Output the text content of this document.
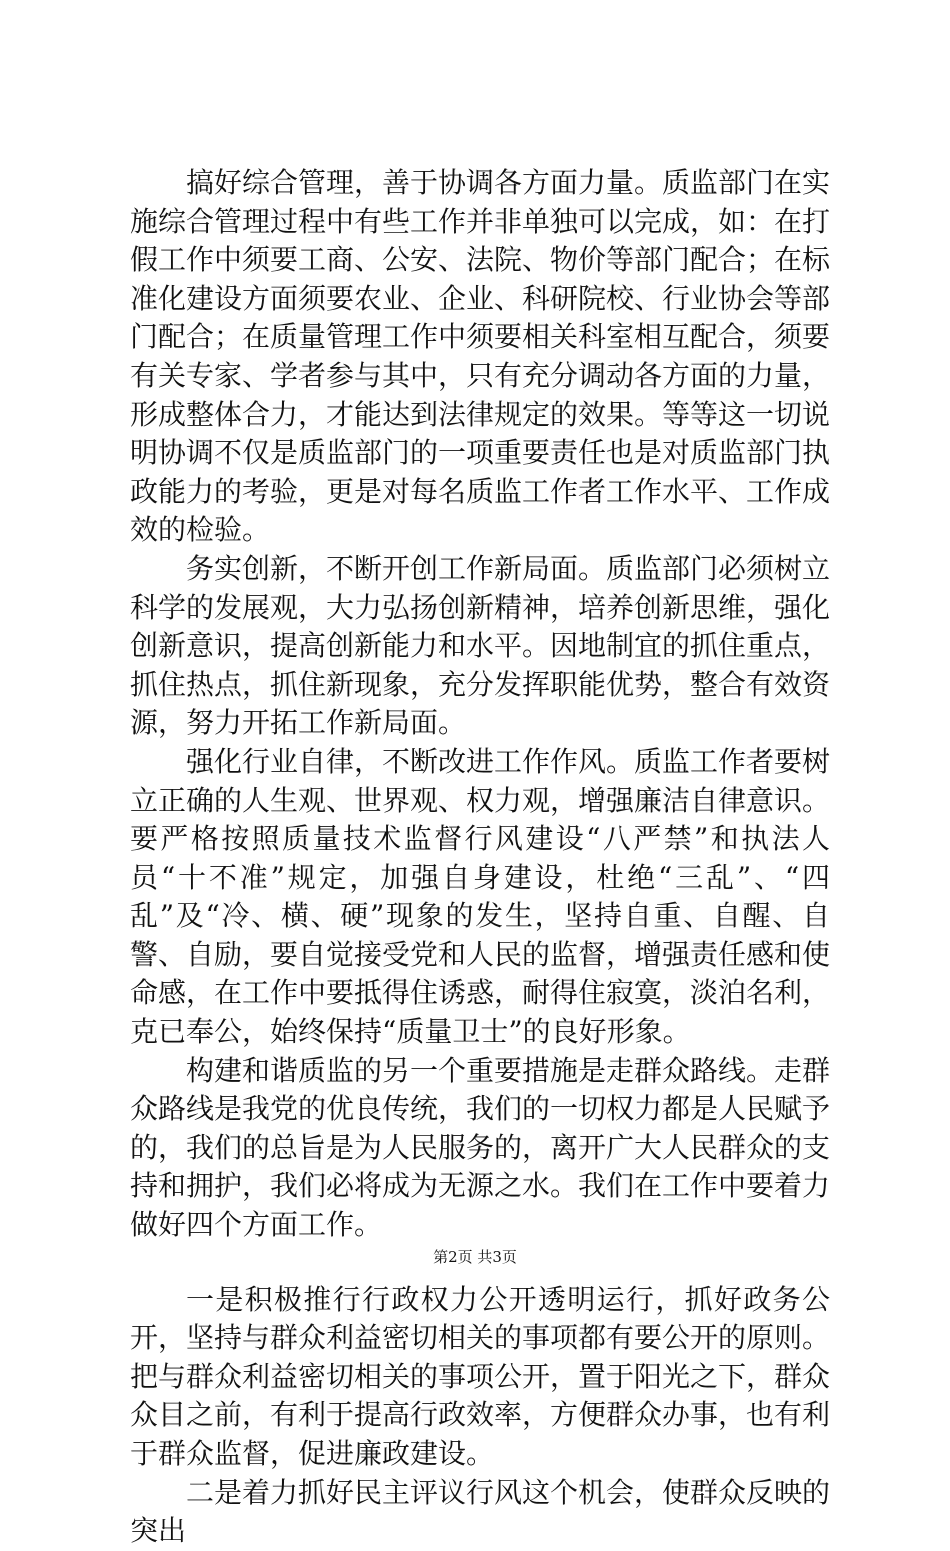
搞好综合管理，善于协调各方面力量。质监部门在实施综合管理过程中有些工作并非单独可以完成，如：在打假工作中须要工商、公安、法院、物价等部门配合；在标准化建设方面须要农业、企业、科研院校、行业协会等部门配合；在质量管理工作中须要相关科室相互配合，须要有关专家、学者参与其中，只有充分调动各方面的力量，形成整体合力，才能达到法律规定的效果。等等这一切说明协调不仅是质监部门的一项重要责任也是对质监部门执政能力的考验，更是对每名质监工作者工作水平、工作成效的检验。

务实创新，不断开创工作新局面。质监部门必须树立科学的发展观，大力弘扬创新精神，培养创新思维，强化创新意识，提高创新能力和水平。因地制宜的抓住重点，抓住热点，抓住新现象，充分发挥职能优势，整合有效资源，努力开拓工作新局面。

强化行业自律，不断改进工作作风。质监工作者要树立正确的人生观、世界观、权力观，增强廉洁自律意识。要严格按照质量技术监督行风建设“八严禁”和执法人员“十不准”规定，加强自身建设，杜绝“三乱”、“四乱”及“冷、横、硬”现象的发生，坚持自重、自醒、自警、自励，要自觉接受党和人民的监督，增强责任感和使命感，在工作中要抵得住诱惑，耐得住寂寞，淡泊名利，克已奉公，始终保持“质量卫士”的良好形象。

构建和谐质监的另一个重要措施是走群众路线。走群众路线是我党的优良传统，我们的一切权力都是人民赋予的，我们的总旨是为人民服务的，离开广大人民群众的支持和拥护，我们必将成为无源之水。我们在工作中要着力做好四个方面工作。

一是积极推行行政权力公开透明运行，抓好政务公开，坚持与群众利益密切相关的事项都有要公开的原则。把与群众利益密切相关的事项公开，置于阳光之下，群众众目之前，有利于提高行政效率，方便群众办事，也有利于群众监督，促进廉政建设。

二是着力抓好民主评议行风这个机会，使群众反映的突出

第2页 共3页
